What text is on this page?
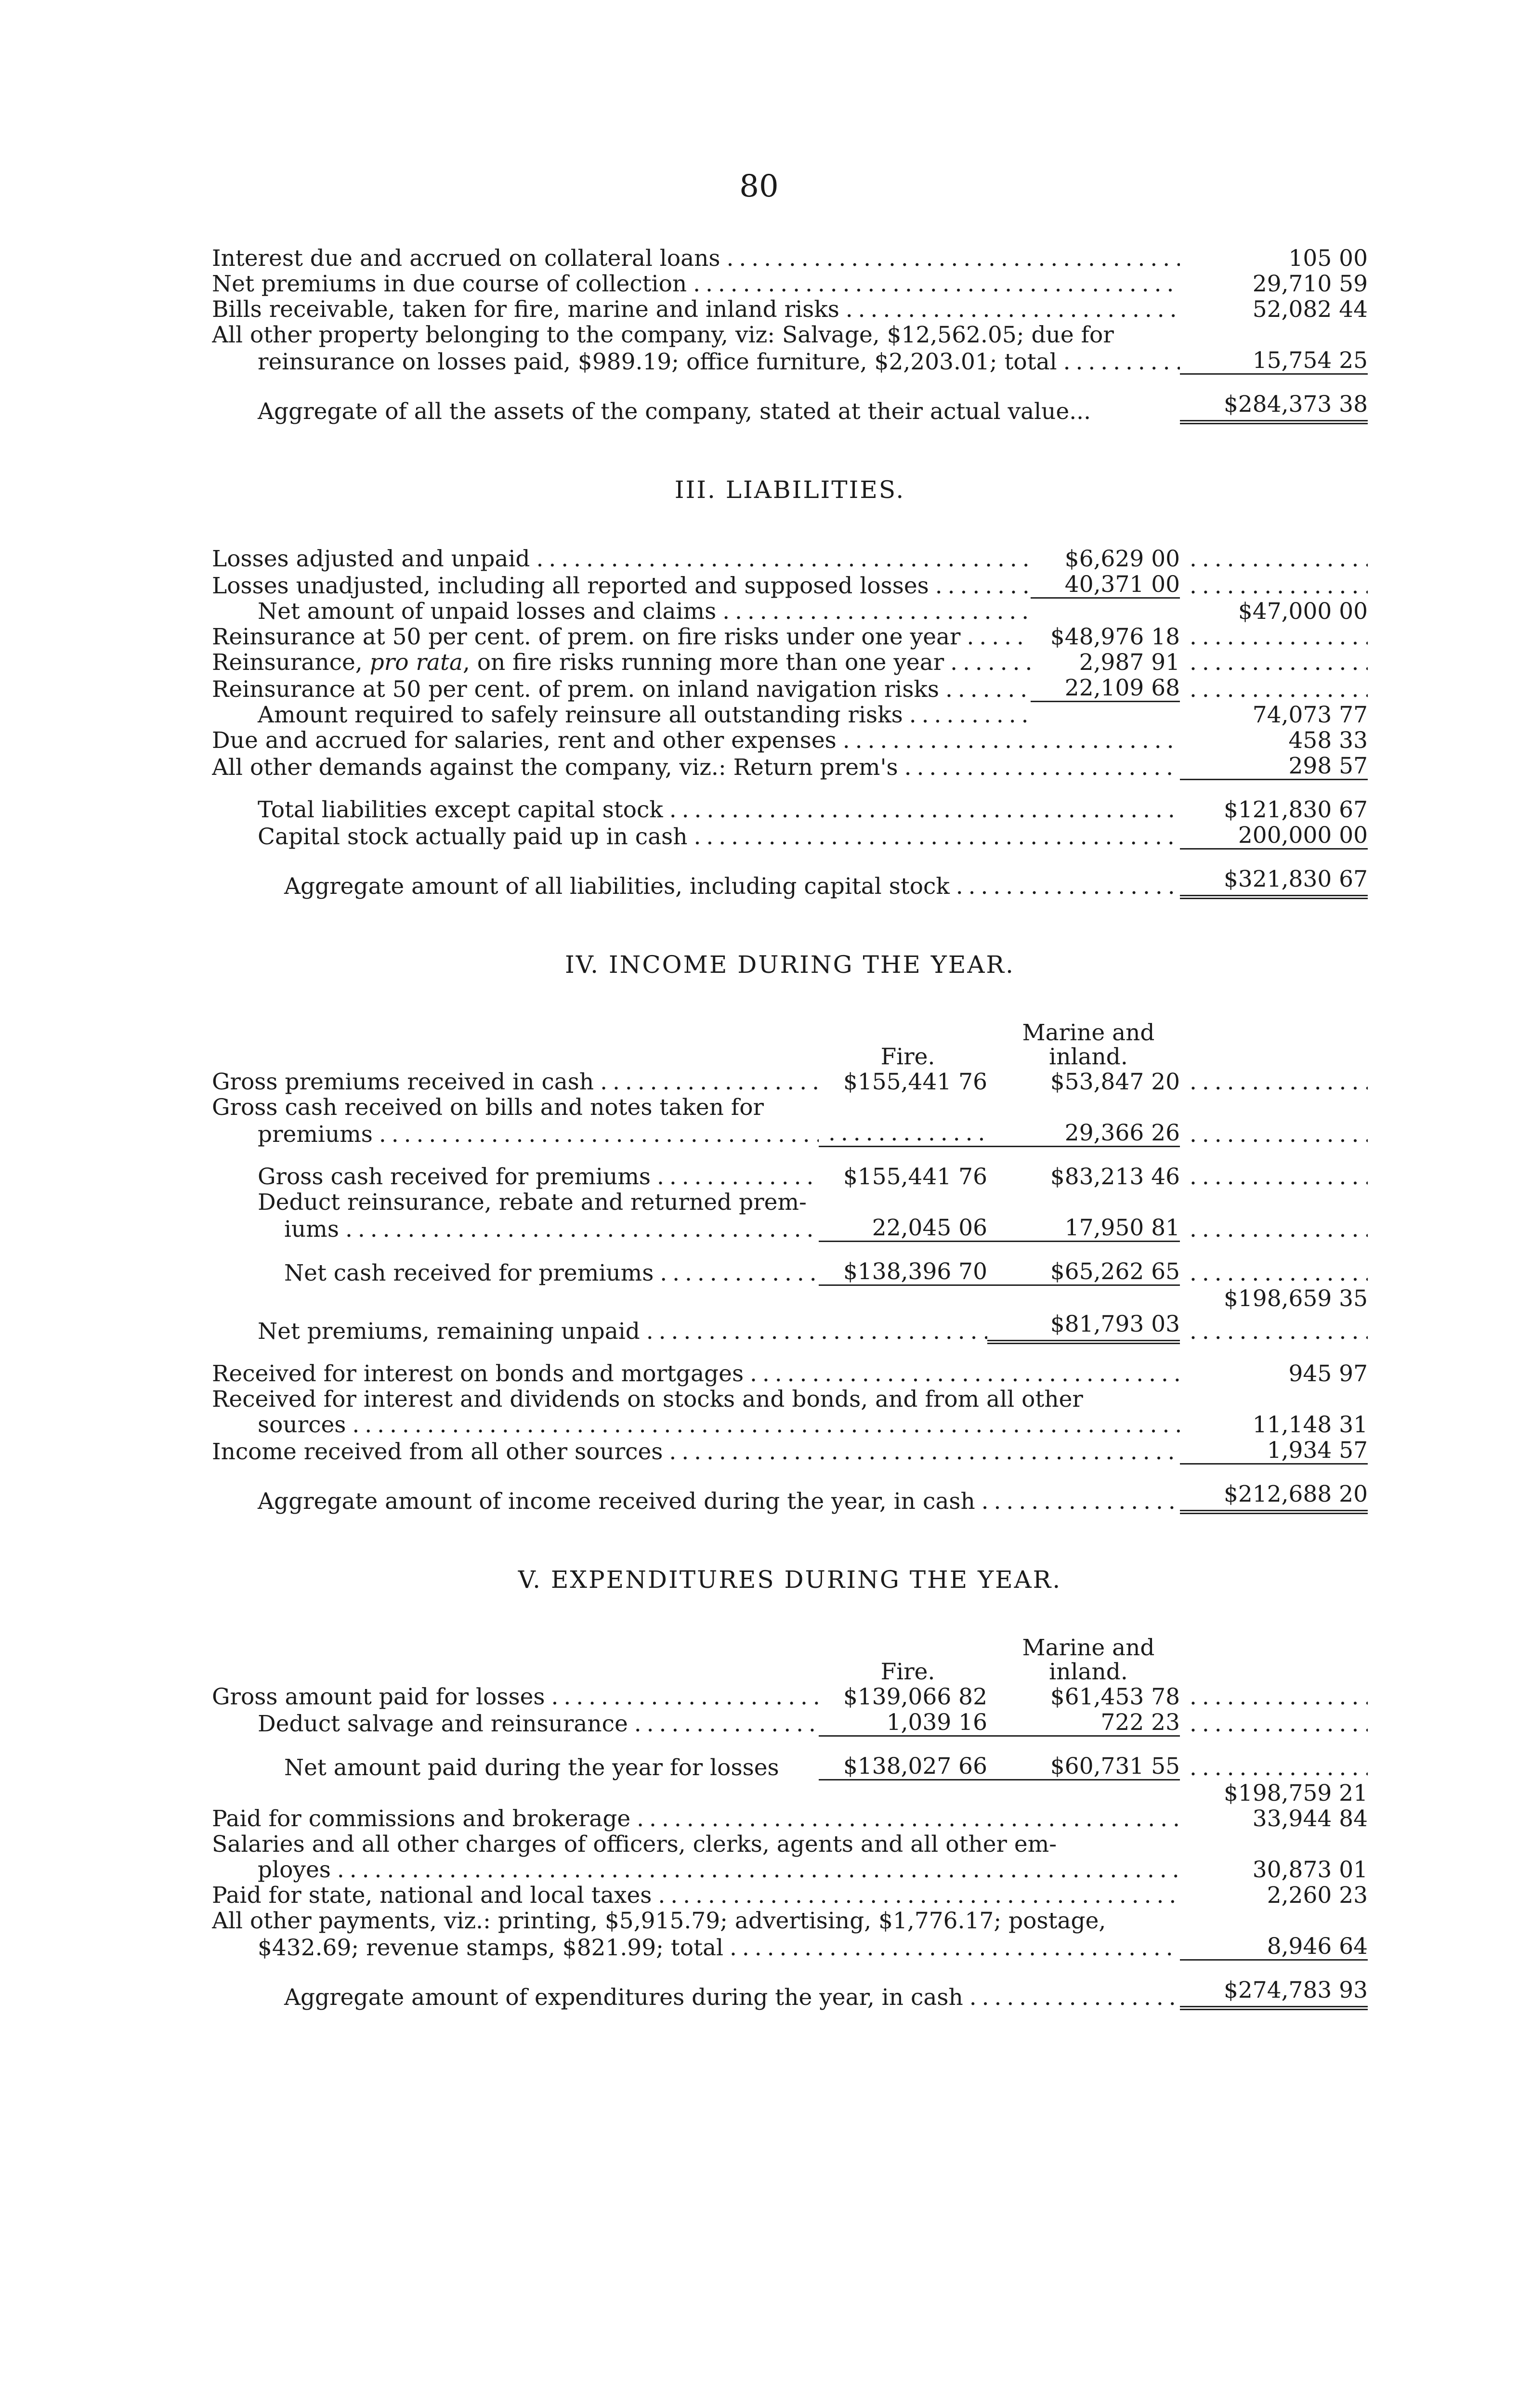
80
Interest due and accrued on collateral loans . . .	105 00
Net premiums in due course of collection . . .	29,710 59
Bills receivable, taken for fire, marine and inland risks . . .	52,082 44
All other property belonging to the company, viz: Salvage, $12,562.05; due for
reinsurance on losses paid, $989.19; office furniture, $2,203.01; total . . .	15,754 25
Aggregate of all the assets of the company, stated at their actual value...	$284,373 38
III. LIABILITIES.
Losses adjusted and unpaid . . .	$6,629 00
. . .
Losses unadjusted, including all reported and supposed losses . . .	40,371 00
. . .
Net amount of unpaid losses and claims . . .	$47,000 00
Reinsurance at 50 per cent. of prem. on fire risks under one year . . .	$48,976 18
. . .
Reinsurance, pro rata, on fire risks running more than one year . . .	2,987 91
. . .
Reinsurance at 50 per cent. of prem. on inland navigation risks . . .	22,109 68
. . .
Amount required to safely reinsure all outstanding risks . . .	74,073 77
Due and accrued for salaries, rent and other expenses . . .	458 33
All other demands against the company, viz.: Return prem's . . .	298 57
Total liabilities except capital stock . . .	$121,830 67
Capital stock actually paid up in cash . . .	200,000 00
Aggregate amount of all liabilities, including capital stock . . .	$321,830 67
IV. INCOME DURING THE YEAR.

Fire.
Marine and
inland.
Gross premiums received in cash . . .	$155,441 76	$53,847 20
. . .
Gross cash received on bills and notes taken for
premiums . . .
. . .	29,366 26
. . .
Gross cash received for premiums . . .	$155,441 76	$83,213 46
. . .
Deduct reinsurance, rebate and returned prem-
iums . . .	22,045 06	17,950 81
. . .
Net cash received for premiums . . .	$138,396 70	$65,262 65
. . .
$198,659 35
Net premiums, remaining unpaid . . .	$81,793 03
. . .
Received for interest on bonds and mortgages . . .	945 97
Received for interest and dividends on stocks and bonds, and from all other
sources . . .	11,148 31
Income received from all other sources . . .	1,934 57
Aggregate amount of income received during the year, in cash . . .	$212,688 20
V. EXPENDITURES DURING THE YEAR.

Fire.
Marine and
inland.
Gross amount paid for losses . . .	$139,066 82	$61,453 78
. . .
Deduct salvage and reinsurance . . .	1,039 16	722 23
. . .
Net amount paid during the year for losses	$138,027 66	$60,731 55
. . .
$198,759 21
Paid for commissions and brokerage . . .	33,944 84
Salaries and all other charges of officers, clerks, agents and all other em-
ployes . . .	30,873 01
Paid for state, national and local taxes . . .	2,260 23
All other payments, viz.: printing, $5,915.79; advertising, $1,776.17; postage,
$432.69; revenue stamps, $821.99; total . . .	8,946 64
Aggregate amount of expenditures during the year, in cash . . .	$274,783 93
